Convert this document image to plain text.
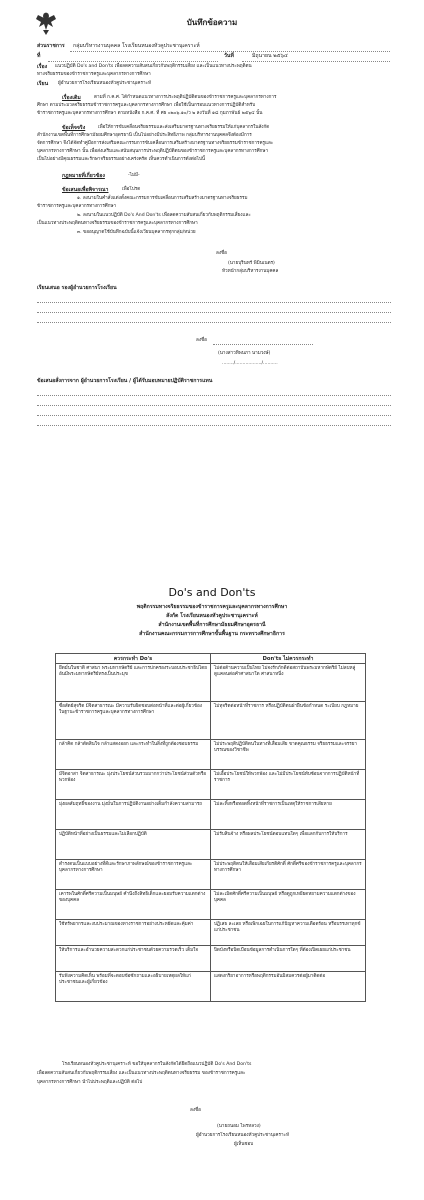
บันทึกข้อความ
ส่วนราชการ กลุ่มบริหารงานบุคคล โรงเรียนหนองหัวคูประชานุเคราะห์
ที่	วันที่	มิถุนายน ๒๕๖๔
เรื่อง แนวปฏิบัติ Do's and Don'ts เพื่อลดความสับสนเกี่ยวกับพฤติกรรมเสี่ยง และเป็นแนวทางประพฤติตน
ทางจริยธรรมของข้าราชการครูและบุคลากรทางการศึกษา
เรียน ผู้อำนวยการโรงเรียนหนองหัวคูประชานุเคราะห์
เรื่องเดิม	ตามที่ ก.ค.ศ. ได้กำหนดแนวทางการประพฤติปฏิบัติตนของข้าราชการครูและบุคลากรทางการ
ศึกษา ตามประมวลจริยธรรมข้าราชการครูและบุคลากรทางการศึกษา เพื่อใช้เป็นกรอบแนวทางการปฏิบัติสำหรับ
ข้าราชการครูและบุคลากรทางการศึกษา ตามหนังสือ ก.ค.ศ. ที่ ศธ ๐๒๐๖.๑๐/ว ๒ ลงวันที่ ๑๘ กุมภาพันธ์ ๒๕๖๔ นั้น
ข้อเท็จจริง	เพื่อให้การขับเคลื่อนจริยธรรมและส่งเสริมมาตรฐานทางจริยธรรมให้แก่บุคลากรในสังกัด
สำนักงานเขตพื้นที่การศึกษามัธยมศึกษาอุดรธานี เป็นไปอย่างมีประสิทธิภาพ กลุ่มบริหารงานบุคคลจึงต้องมีการ
จัดการศึกษา จึงได้จัดทำคู่มือการส่งเสริมคณะกรรมการขับเคลื่อนการเสริมสร้างมาตรฐานทางจริยธรรมข้าราชการครูและ
บุคลากรทางการศึกษา นั้น เพื่อส่งเสริมและสนับสนุนการประพฤติปฏิบัติตนของข้าราชการครูและบุคลากรทางการศึกษา
เป็นไปอย่างมีคุณธรรมและรักษาจริยธรรมอย่างเคร่งครัด เห็นควรดำเนินการดังต่อไปนี้
กฎหมายที่เกี่ยวข้อง	-ไม่มี-
ข้อเสนอเพื่อพิจารณา	เพื่อโปรด
๑. ลงนามในคำสั่งแต่งตั้งคณะกรรมการขับเคลื่อนการเสริมสร้างมาตรฐานทางจริยธรรม
ข้าราชการครูและบุคลากรทางการศึกษา
๒. ลงนามในแนวปฏิบัติ Do's And Don'ts เพื่อลดความสับสนเกี่ยวกับพฤติกรรมเสี่ยงและ
เป็นแนวทางประพฤติตนทางจริยธรรมของข้าราชการครูและบุคลากรทางการศึกษา
๓. ขออนุญาตใช้บันทึกฉบับนี้แจ้งเวียนบุคลากรทุกกลุ่ม/หน่วย
ลงชื่อ
(นายบุรินทร์ พิมินเนตร)
หัวหน้ากลุ่มบริหารงานบุคคล
เรียนเสนอ รองผู้อำนวยการโรงเรียน
ลงชื่อ
(นางสาวทิพนภา นามวงษ์)
......../................../..........
ข้อเสนอสั่งการจาก ผู้อำนวยการโรงเรียน / ผู้ได้รับมอบหมายปฏิบัติราชการแทน
Do's and Don'ts
พฤติกรรมทางจริยธรรมของข้าราชการครูและบุคลากรทางการศึกษา
สังกัด โรงเรียนหนองหัวคูประชานุเคราะห์
สำนักงานเขตพื้นที่การศึกษามัธยมศึกษาอุดรธานี
สำนักงานคณะกรรมการการศึกษาขั้นพื้นฐาน กระทรวงศึกษาธิการ
ควรกระทำ Do's	Don'ts ไม่ควรกระทำ
ยึดมั่นในชาติ ศาสนา พระมหากษัตริย์ และการปกครองระบอบประชาธิปไตยอันมีพระมหากษัตริย์ทรงเป็นประมุข	ไม่ต่อต้านความเป็นไทย ไม่จงรักภักดีต่อสถาบันพระมหากษัตริย์ ไม่ลบหลู่ดูแคลนต่อคำศาสนาใด ศาสนาหนึ่ง
ซื่อสัตย์สุจริต มีจิตสาธารณะ มีความรับผิดชอบต่อหน้าที่และต่อผู้เกี่ยวข้องในฐานะข้าราชการครูและบุคลากรทางการศึกษา	ไม่ทุจริตต่อหน้าที่ราชการ หรือปฏิบัติตนฝ่าฝืนข้อกำหนด ระเบียบ กฎหมาย
กล้าคิด กล้าตัดสินใจ กล้าแสดงออก และกระทำในสิ่งที่ถูกต้องชอบธรรม	ไม่ประพฤติปฏิบัติตนในทางที่เสื่อมเสีย ขาดคุณธรรม จริยธรรมและจรรยาบรรณของวิชาชีพ
มีจิตอาสา จิตสาธารณะ มุ่งประโยชน์ส่วนรวมมากกว่าประโยชน์ส่วนตัวหรือพวกพ้อง	ไม่เอื้อประโยชน์ให้พวกพ้อง และไม่มีประโยชน์ทับซ้อนจากการปฏิบัติหน้าที่ราชการ
มุ่งผลสัมฤทธิ์ของงาน มุ่งมั่นในการปฏิบัติงานอย่างเต็มกำลังความสามารถ	ไม่ละทิ้งหรือทอดทิ้งหน้าที่ราชการเป็นเหตุให้ราชการเสียหาย
ปฏิบัติหน้าที่อย่างเป็นธรรมและไม่เลือกปฏิบัติ	ไม่รับสินจ้าง หรือผลประโยชน์ตอบแทนใดๆ เพื่อแลกกับการให้บริการ
ดำรงตนเป็นแบบอย่างที่ดีและรักษาภาพลักษณ์ของข้าราชการครูและบุคลากรทางการศึกษา	ไม่ประพฤติตนให้เสื่อมเสียเกียรติศักดิ์ ศักดิ์ศรีของข้าราชการครูและบุคลากรทางการศึกษา
เคารพในศักดิ์ศรีความเป็นมนุษย์ คำนึงถึงสิทธิเด็กและยอมรับความแตกต่างของบุคคล	ไม่ละเมิดศักดิ์ศรีความเป็นมนุษย์ หรือดูถูกเหยียดหยามความแตกต่างของบุคคล
ใช้ทรัพยากรและงบประมาณของทางราชการอย่างประหยัดและคุ้มค่า	ปฏิเสธ ละเลย หรือเพิกเฉยในการแก้ปัญหาความเดือดร้อน หรือบรรเทาทุกข์แก่ประชาชน
ให้บริการและอำนวยความสะดวกแก่ประชาชนด้วยความรวดเร็ว เต็มใจ	ปิดบังหรือบิดเบือนข้อมูลการดำเนินการใดๆ ที่ต้องเปิดเผยแก่ประชาชน
รับฟังความคิดเห็น พร้อมที่จะตอบข้อซักถามและอธิบายเหตุผลให้แก่ประชาชนและผู้เกี่ยวข้อง	แสดงกริยาอาการหรือพฤติกรรมอันมิสมควรต่อผู้มาติดต่อ
โรงเรียนหนองหัวคูประชานุเคราะห์ ขอให้บุคลากรในสังกัดได้ยึดถือแนวปฏิบัติ Do's And Don'ts
เพื่อลดความสับสนเกี่ยวกับพฤติกรรมเสี่ยง และเป็นแนวทางประพฤติตนทางจริยธรรม ของข้าราชการครูและ
บุคลากรทางการศึกษา นำไปประพฤติและปฏิบัติ ต่อไป
ลงชื่อ
(นายถนอม ไพรหลวง)
ผู้อำนวยการโรงเรียนหนองหัวคูประชานุเคราะห์
ผู้เห็นชอบ
